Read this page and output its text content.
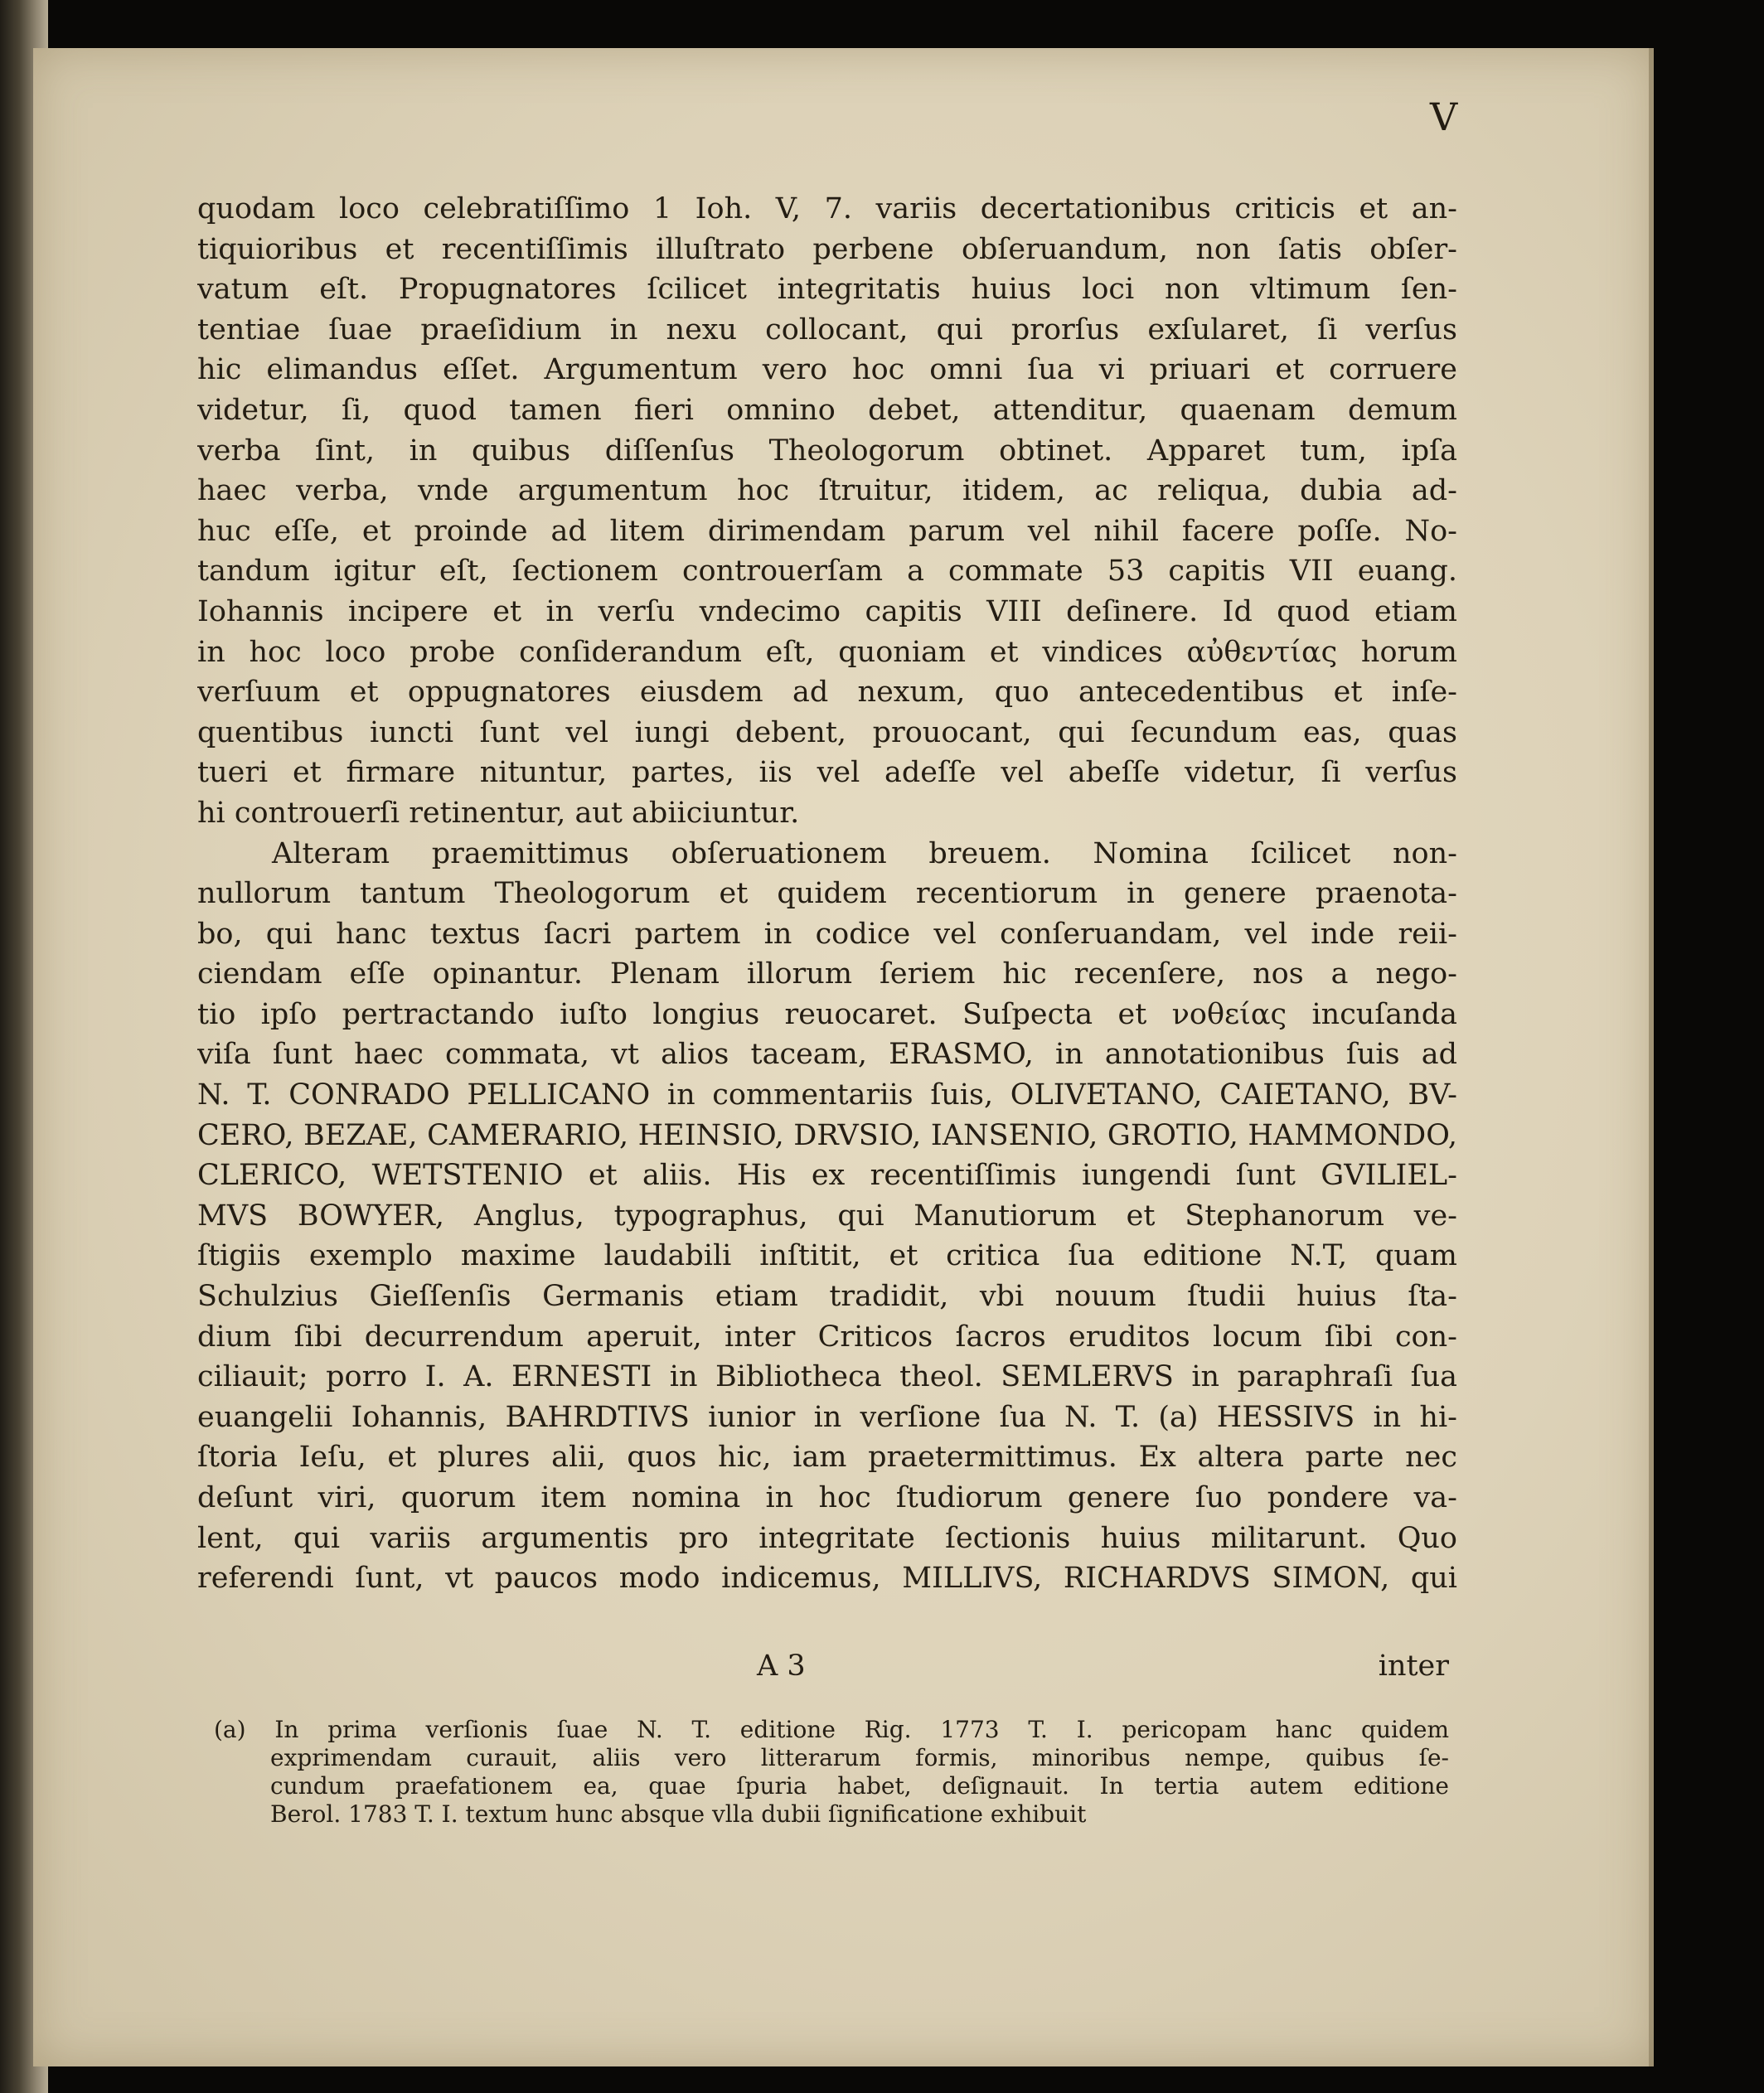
V
quodam loco celebratiſſimo 1 Ioh. V, 7. variis decertationibus criticis et an-
tiquioribus et recentiſſimis illuſtrato perbene obſeruandum, non ſatis obſer-
vatum eſt. Propugnatores ſcilicet integritatis huius loci non vltimum ſen-
tentiae ſuae praeſidium in nexu collocant, qui prorſus exſularet, ſi verſus
hic elimandus eſſet. Argumentum vero hoc omni ſua vi priuari et corruere
videtur, ſi, quod tamen fieri omnino debet, attenditur, quaenam demum
verba ſint, in quibus diſſenſus Theologorum obtinet. Apparet tum, ipſa
haec verba, vnde argumentum hoc ſtruitur, itidem, ac reliqua, dubia ad-
huc eſſe, et proinde ad litem dirimendam parum vel nihil facere poſſe. No-
tandum igitur eſt, ſectionem controuerſam a commate 53 capitis VII euang.
Iohannis incipere et in verſu vndecimo capitis VIII deſinere. Id quod etiam
in hoc loco probe conſiderandum eſt, quoniam et vindices αὐθεντίας horum
verſuum et oppugnatores eiusdem ad nexum, quo antecedentibus et inſe-
quentibus iuncti ſunt vel iungi debent, prouocant, qui ſecundum eas, quas
tueri et firmare nituntur, partes, iis vel adeſſe vel abeſſe videtur, ſi verſus
hi controuerſi retinentur, aut abiiciuntur.
Alteram praemittimus obſeruationem breuem. Nomina ſcilicet non-
nullorum tantum Theologorum et quidem recentiorum in genere praenota-
bo, qui hanc textus ſacri partem in codice vel conſeruandam, vel inde reii-
ciendam eſſe opinantur. Plenam illorum ſeriem hic recenſere, nos a nego-
tio ipſo pertractando iuſto longius reuocaret. Suſpecta et νοθείας incuſanda
viſa ſunt haec commata, vt alios taceam, ERASMO, in annotationibus ſuis ad
N. T. CONRADO PELLICANO in commentariis ſuis, OLIVETANO, CAIETANO, BV-
CERO, BEZAE, CAMERARIO, HEINSIO, DRVSIO, IANSENIO, GROTIO, HAMMONDO,
CLERICO, WETSTENIO et aliis. His ex recentiſſimis iungendi ſunt GVILIEL-
MVS BOWYER, Anglus, typographus, qui Manutiorum et Stephanorum ve-
ſtigiis exemplo maxime laudabili inſtitit, et critica ſua editione N.T, quam
Schulzius Gieſſenſis Germanis etiam tradidit, vbi nouum ſtudii huius ſta-
dium ſibi decurrendum aperuit, inter Criticos ſacros eruditos locum ſibi con-
ciliauit; porro I. A. ERNESTI in Bibliotheca theol. SEMLERVS in paraphraſi ſua
euangelii Iohannis, BAHRDTIVS iunior in verſione ſua N. T. (a) HESSIVS in hi-
ſtoria Ieſu, et plures alii, quos hic, iam praetermittimus. Ex altera parte nec
deſunt viri, quorum item nomina in hoc ſtudiorum genere ſuo pondere va-
lent, qui variis argumentis pro integritate ſectionis huius militarunt. Quo
referendi ſunt, vt paucos modo indicemus, MILLIVS, RICHARDVS SIMON, qui
A 3	inter
(a) In prima verſionis ſuae N. T. editione Rig. 1773 T. I. pericopam hanc quidem
exprimendam curauit, aliis vero litterarum formis, minoribus nempe, quibus ſe-
cundum praefationem ea, quae ſpuria habet, deſignauit. In tertia autem editione
Berol. 1783 T. I. textum hunc absque vlla dubii ſignificatione exhibuit
